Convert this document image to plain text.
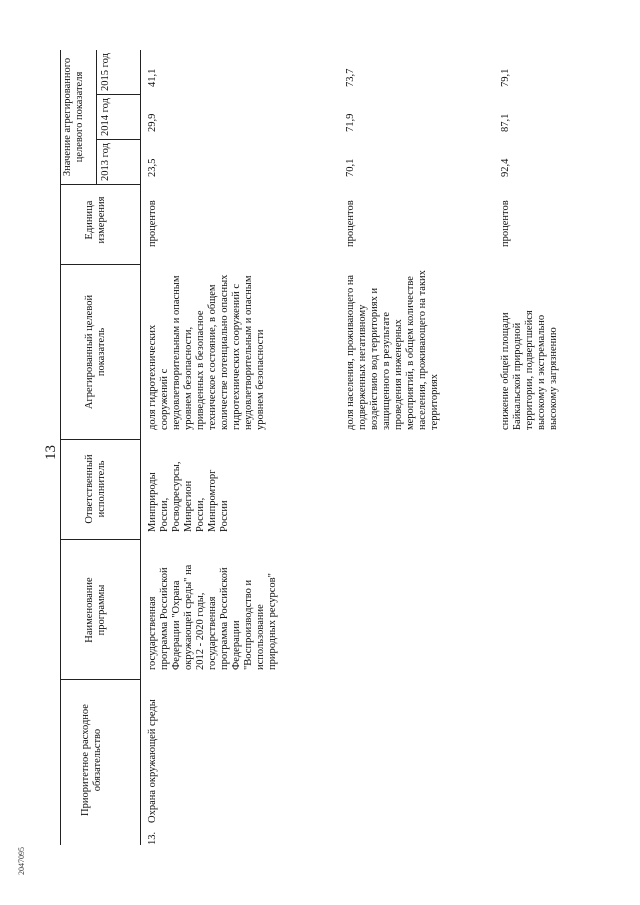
13
2047095
Приоритетное расходное обязательство
Наименование программы
Ответственный исполнитель
Агрегированный целевой показатель
Единица измерения
Значение агрегированного целевого показателя 2013 год
2014 год
2015 год
13.
Охрана окружающей среды
государственная программа Российской Федерации "Охрана окружающей среды" на 2012 - 2020 годы, государственная программа Российской Федерации "Воспроизводство и использование природных ресурсов"
Минприроды России, Росводресурсы, Минрегион России, Минпромторг России
доля гидротехнических сооружений с неудовлетворительным и опасным уровнем безопасности, приведенных в безопасное техническое состояние, в общем количестве потенциально опасных гидротехнических сооружений с неудовлетворительным и опасным уровнем безопасности
процентов
23,5
29,9
41,1
доля населения, проживающего на подверженных негативному воздействию вод территориях и защищенного в результате проведения инженерных мероприятий, в общем количестве населения, проживающего на таких территориях
процентов
70,1
71,9
73,7
снижение общей площади Байкальской природной территории, подвергшейся высокому и экстремально высокому загрязнению
процентов
92,4
87,1
79,1
